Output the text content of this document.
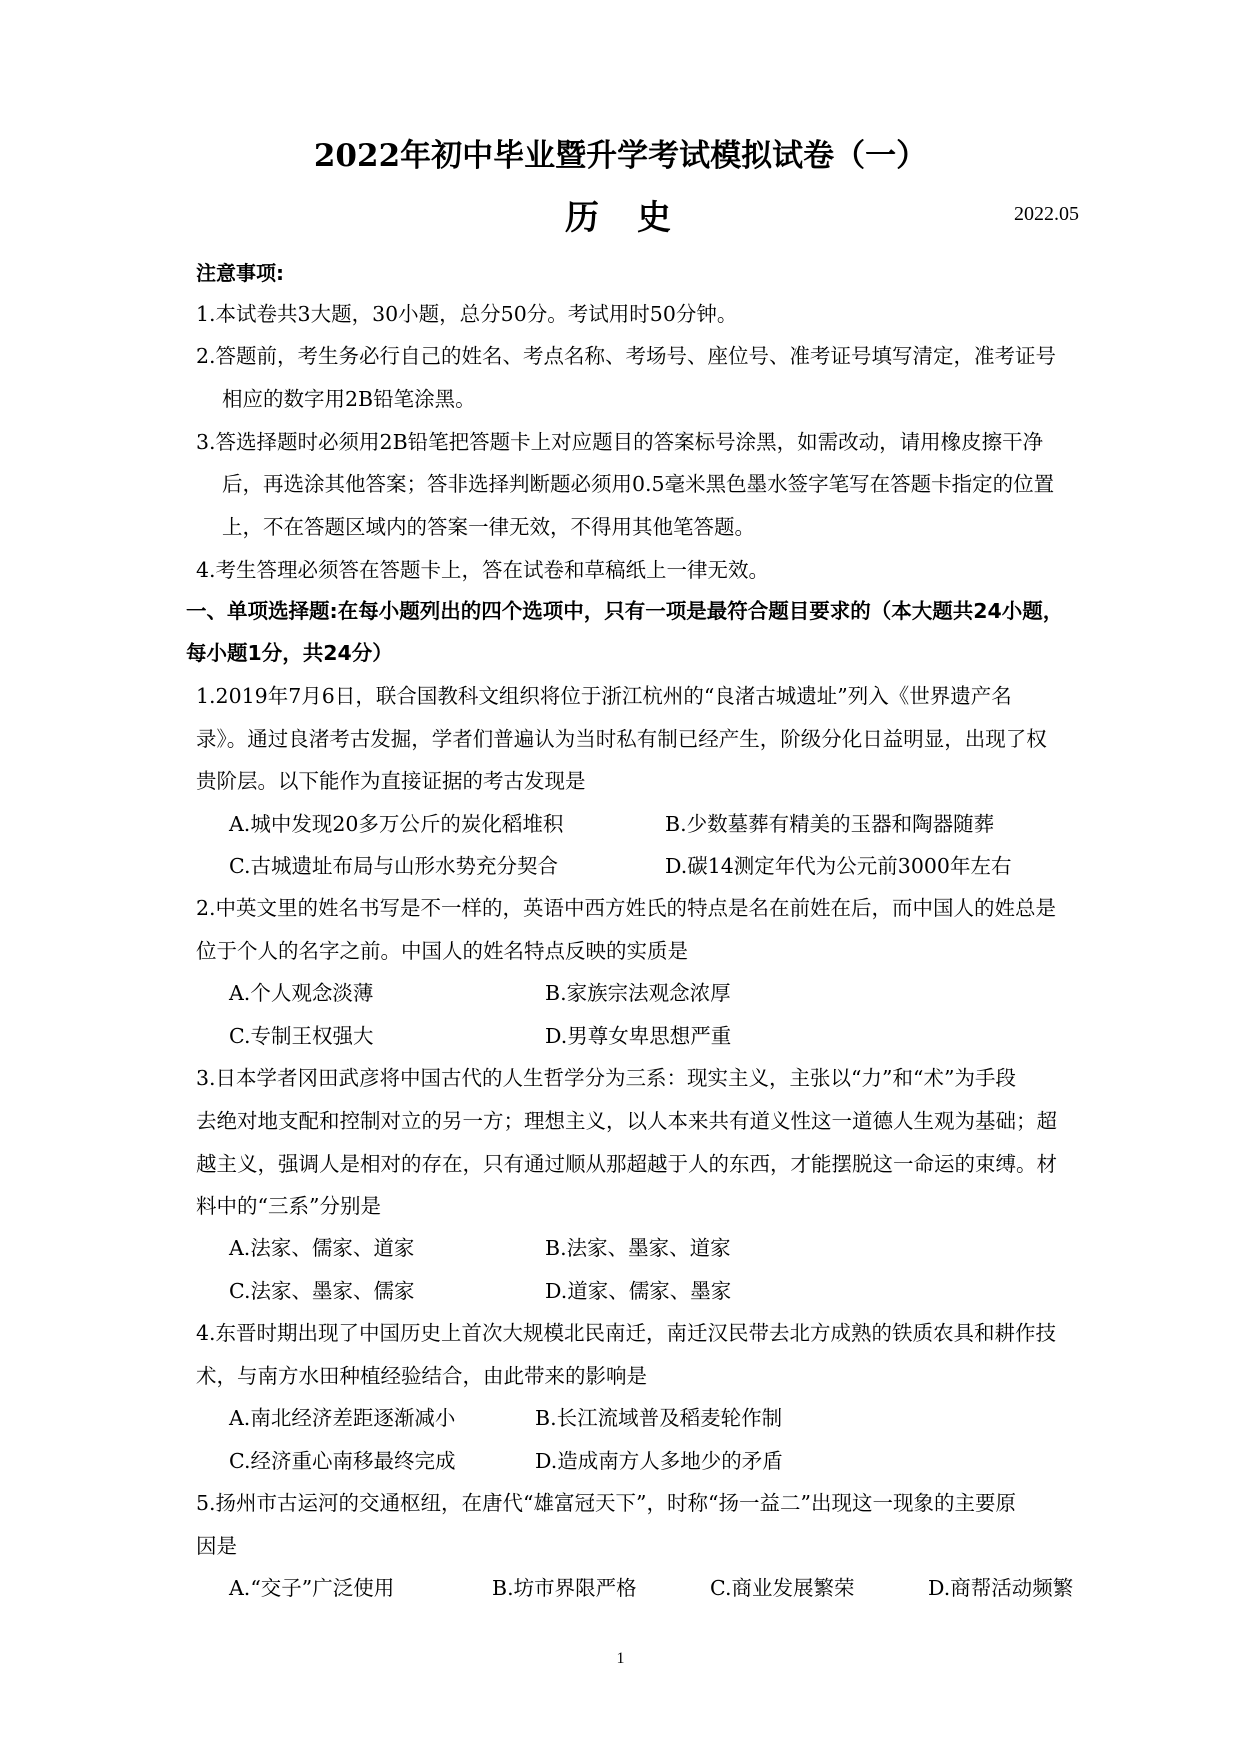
2022年初中毕业暨升学考试模拟试卷（一）
历史	2022.05
注意事项:
1.本试卷共3大题，30小题，总分50分。考试用时50分钟。
2.答题前，考生务必行自己的姓名、考点名称、考场号、座位号、准考证号填写清定，准考证号
相应的数字用2B铅笔涂黑。
3.答选择题时必须用2B铅笔把答题卡上对应题目的答案标号涂黑，如需改动，请用橡皮擦干净
后，再选涂其他答案；答非选择判断题必须用0.5毫米黑色墨水签字笔写在答题卡指定的位置
上，不在答题区域内的答案一律无效，不得用其他笔答题。
4.考生答理必须答在答题卡上，答在试卷和草稿纸上一律无效。
一、单项选择题:在每小题列出的四个选项中，只有一项是最符合题目要求的（本大题共24小题，
每小题1分，共24分）
1.2019年7月6日，联合国教科文组织将位于浙江杭州的“良渚古城遗址”列入《世界遗产名
录》。通过良渚考古发掘，学者们普遍认为当时私有制已经产生，阶级分化日益明显，出现了权
贵阶层。以下能作为直接证据的考古发现是
A.城中发现20多万公斤的炭化稻堆积	B.少数墓葬有精美的玉器和陶器随葬
C.古城遗址布局与山形水势充分契合	D.碳14测定年代为公元前3000年左右
2.中英文里的姓名书写是不一样的，英语中西方姓氏的特点是名在前姓在后，而中国人的姓总是
位于个人的名字之前。中国人的姓名特点反映的实质是
A.个人观念淡薄	B.家族宗法观念浓厚
C.专制王权强大	D.男尊女卑思想严重
3.日本学者冈田武彦将中国古代的人生哲学分为三系：现实主义，主张以“力”和“术”为手段
去绝对地支配和控制对立的另一方；理想主义，以人本来共有道义性这一道德人生观为基础；超
越主义，强调人是相对的存在，只有通过顺从那超越于人的东西，才能摆脱这一命运的束缚。材
料中的“三系”分别是
A.法家、儒家、道家	B.法家、墨家、道家
C.法家、墨家、儒家	D.道家、儒家、墨家
4.东晋时期出现了中国历史上首次大规模北民南迁，南迁汉民带去北方成熟的铁质农具和耕作技
术，与南方水田种植经验结合，由此带来的影响是
A.南北经济差距逐渐减小	B.长江流域普及稻麦轮作制
C.经济重心南移最终完成	D.造成南方人多地少的矛盾
5.扬州市古运河的交通枢纽，在唐代“雄富冠天下”，时称“扬一益二”出现这一现象的主要原
因是
A.“交子”广泛使用	B.坊市界限严格	C.商业发展繁荣	D.商帮活动频繁
1
